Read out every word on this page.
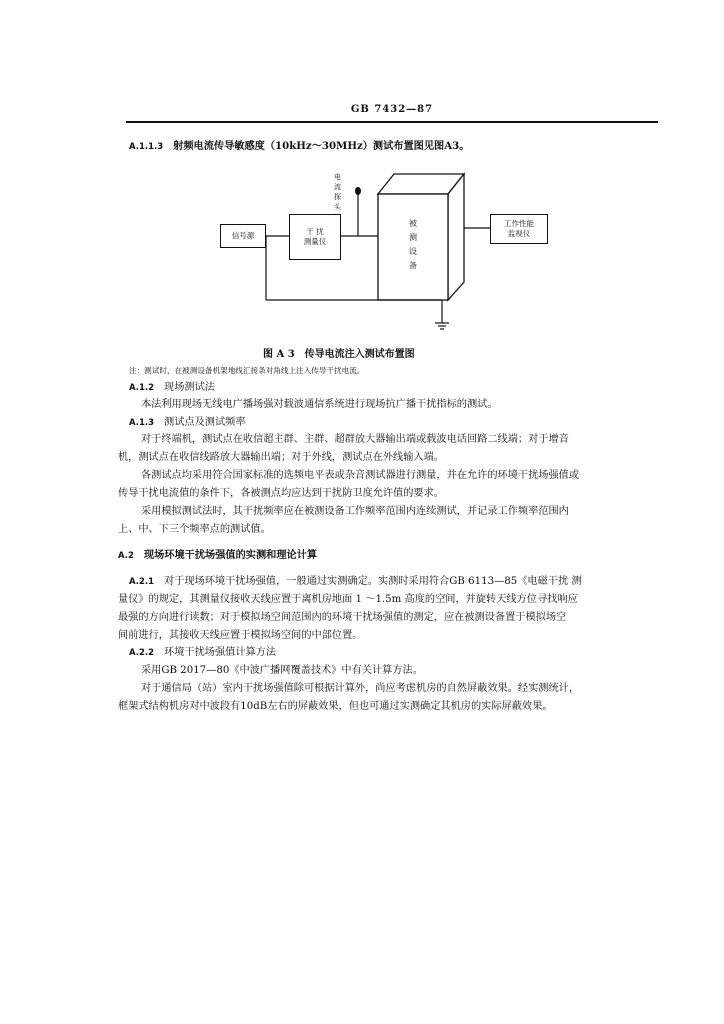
GB 7432—87
A.1.1.3 射频电流传导敏感度（10kHz～30MHz）测试布置图见图A3。
电流探头
信号源	干 扰
测量仪	被测设备	工作性能
监视仪
图 A 3　传导电流注入测试布置图
注：测试时，在被测设备机架地线汇接条对角线上注入传导干扰电流。
A.1.2 现场测试法
本法利用现场无线电广播场强对载波通信系统进行现场抗广播干扰指标的测试。
A.1.3 测试点及测试频率
对于终端机，测试点在收信超主群、主群、超群放大器输出端或载波电话回路二线端；对于增音
机，测试点在收信线路放大器输出端；对于外线，测试点在外线输入端。
各测试点均采用符合国家标准的选频电平表或杂音测试器进行测量，并在允许的环境干扰场强值或
传导干扰电流值的条件下，各被测点均应达到干扰防卫度允许值的要求。
采用模拟测试法时，其干扰频率应在被测设备工作频率范围内连续测试，并记录工作频率范围内
上、中、下三个频率点的测试值。
A.2 现场环境干扰场强值的实测和理论计算
A.2.1 对于现场环境干扰场强值，一般通过实测确定。实测时采用符合GB 6113—85《电磁干扰 测
量仪》的规定，其测量仪接收天线应置于离机房地面 1 ～1.5m 高度的空间，并旋转天线方位寻找响应
最强的方向进行读数；对于模拟场空间范围内的环境干扰场强值的测定，应在被测设备置于模拟场空
间前进行，其接收天线应置于模拟场空间的中部位置。
A.2.2 环境干扰场强值计算方法
采用GB 2017—80《中波广播网覆盖技术》中有关计算方法。
对于通信局（站）室内干扰场强值除可根据计算外，尚应考虑机房的自然屏蔽效果。经实测统计，
框架式结构机房对中波段有10dB左右的屏蔽效果，但也可通过实测确定其机房的实际屏蔽效果。
